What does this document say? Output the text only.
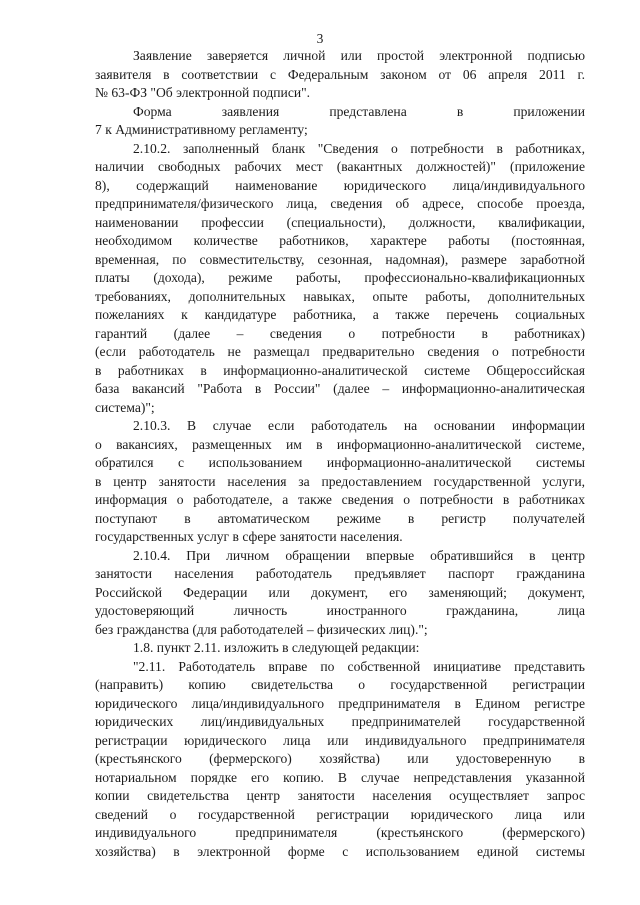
3
Заявление заверяется личной или простой электронной подписью
заявителя в соответствии с Федеральным законом от 06 апреля 2011 г.
№ 63-ФЗ "Об электронной подписи".
Форма заявления представлена в приложении
7 к Административному регламенту;
2.10.2. заполненный бланк "Сведения о потребности в работниках,
наличии свободных рабочих мест (вакантных должностей)" (приложение
8), содержащий наименование юридического лица/индивидуального
предпринимателя/физического лица, сведения об адресе, способе проезда,
наименовании профессии (специальности), должности, квалификации,
необходимом количестве работников, характере работы (постоянная,
временная, по совместительству, сезонная, надомная), размере заработной
платы (дохода), режиме работы, профессионально-квалификационных
требованиях, дополнительных навыках, опыте работы, дополнительных
пожеланиях к кандидатуре работника, а также перечень социальных
гарантий (далее – сведения о потребности в работниках)
(если работодатель не размещал предварительно сведения о потребности
в работниках в информационно-аналитической системе Общероссийская
база вакансий "Работа в России" (далее – информационно-аналитическая
система)";
2.10.3. В случае если работодатель на основании информации
о вакансиях, размещенных им в информационно-аналитической системе,
обратился с использованием информационно-аналитической системы
в центр занятости населения за предоставлением государственной услуги,
информация о работодателе, а также сведения о потребности в работниках
поступают в автоматическом режиме в регистр получателей
государственных услуг в сфере занятости населения.
2.10.4. При личном обращении впервые обратившийся в центр
занятости населения работодатель предъявляет паспорт гражданина
Российской Федерации или документ, его заменяющий; документ,
удостоверяющий личность иностранного гражданина, лица
без гражданства (для работодателей – физических лиц).";
1.8. пункт 2.11. изложить в следующей редакции:
"2.11. Работодатель вправе по собственной инициативе представить
(направить) копию свидетельства о государственной регистрации
юридического лица/индивидуального предпринимателя в Едином регистре
юридических лиц/индивидуальных предпринимателей государственной
регистрации юридического лица или индивидуального предпринимателя
(крестьянского (фермерского) хозяйства) или удостоверенную в
нотариальном порядке его копию. В случае непредставления указанной
копии свидетельства центр занятости населения осуществляет запрос
сведений о государственной регистрации юридического лица или
индивидуального предпринимателя (крестьянского (фермерского)
хозяйства) в электронной форме с использованием единой системы
